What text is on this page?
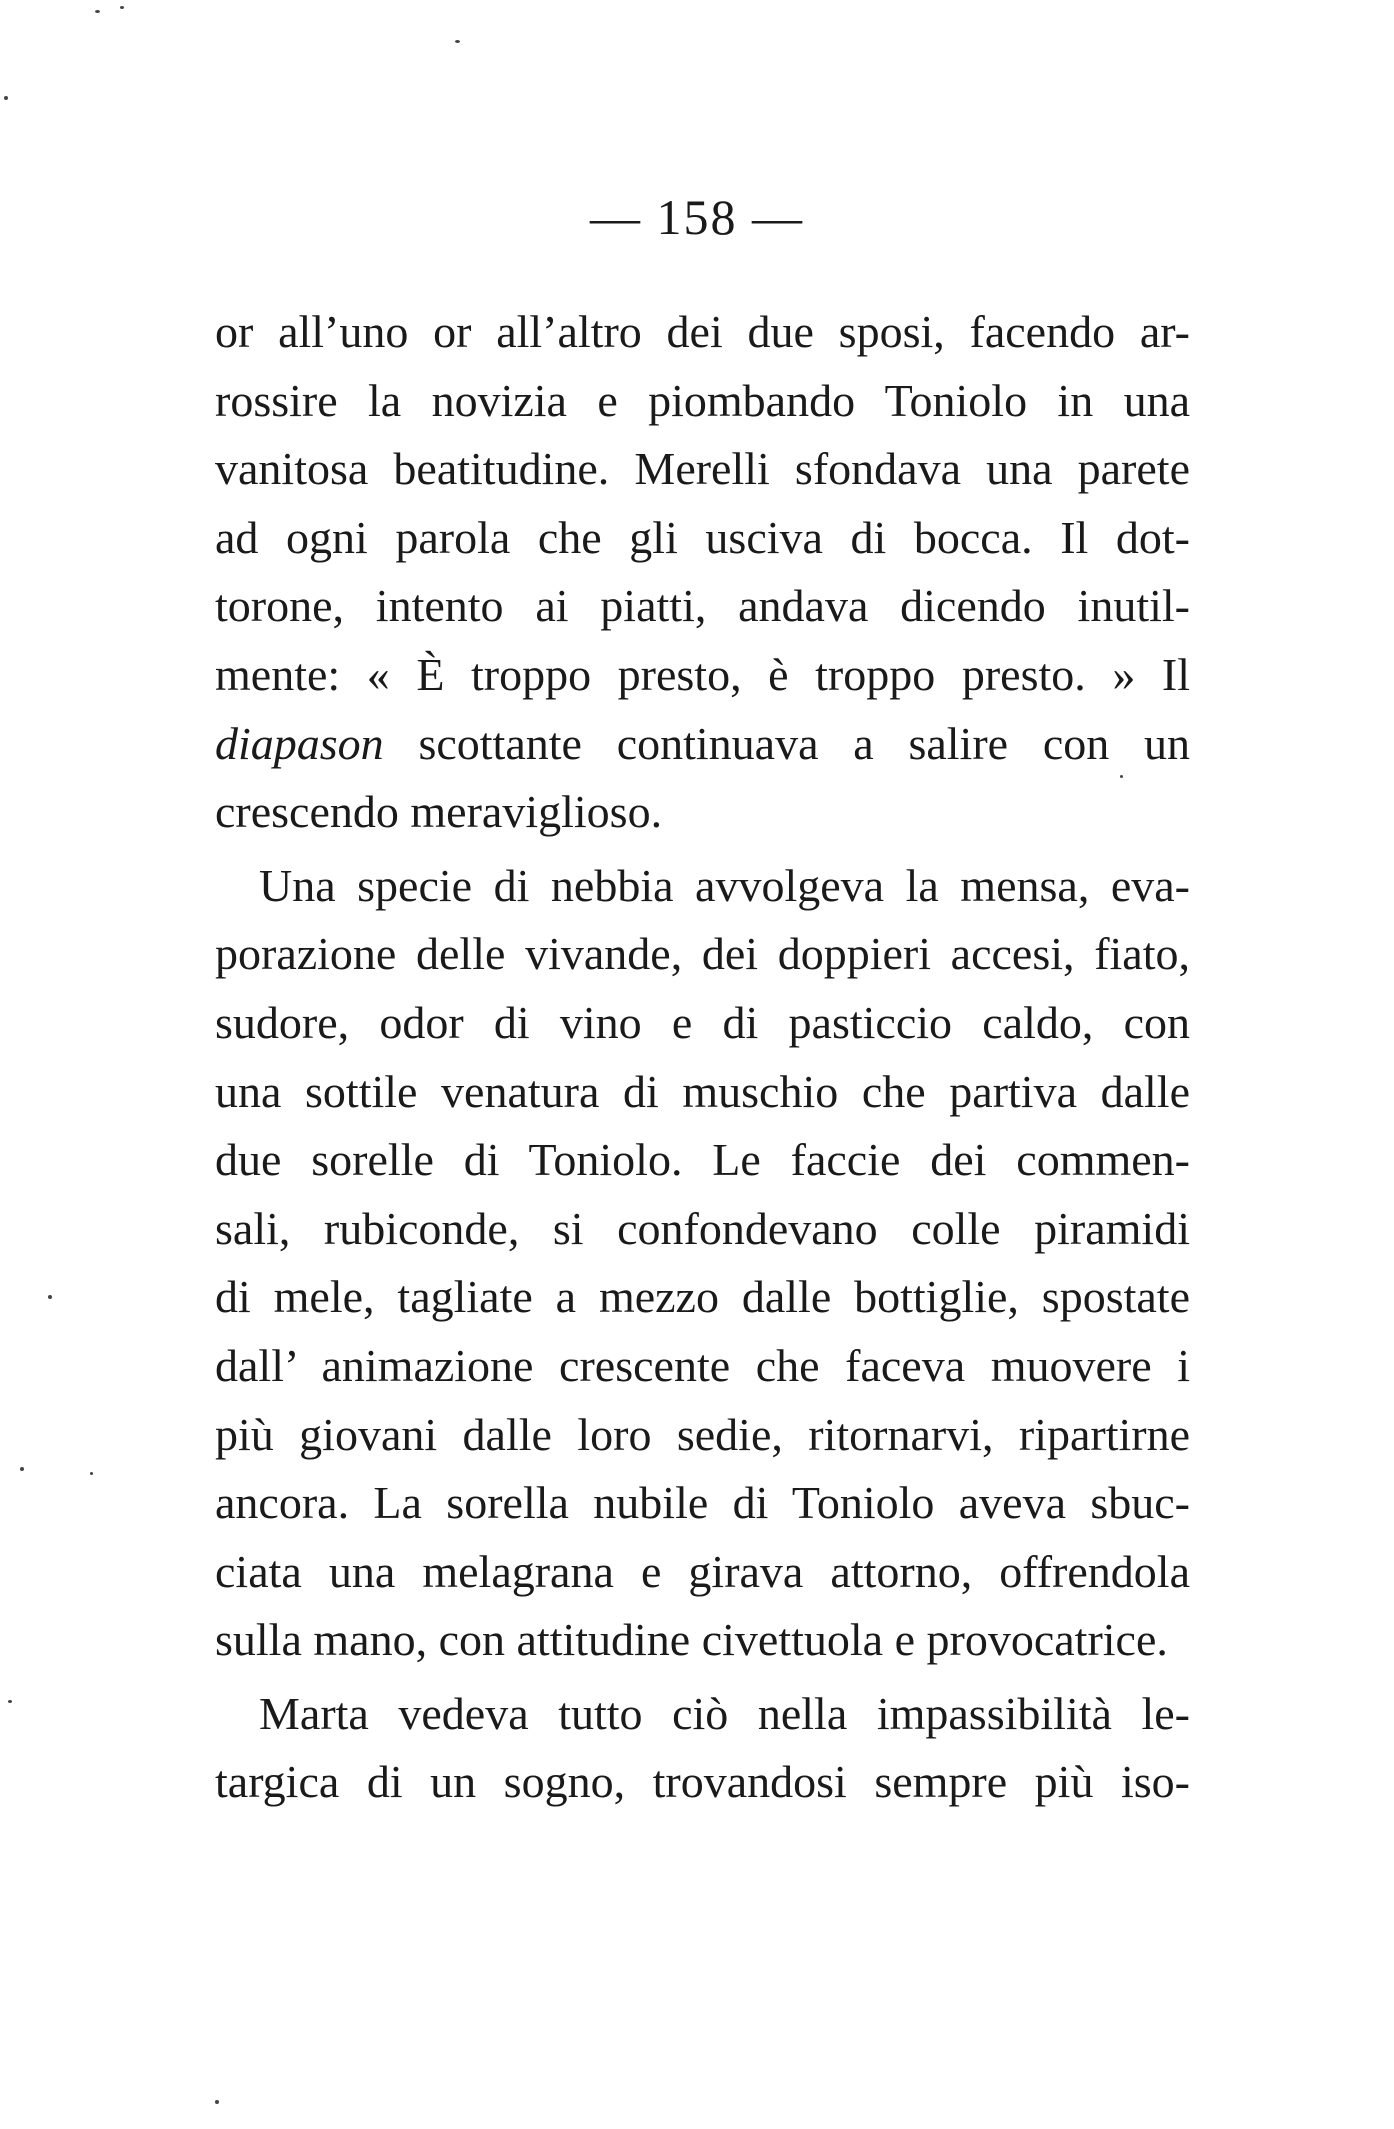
— 158 —
or all’uno or all’altro dei due sposi, facendo ar-
rossire la novizia e piombando Toniolo in una
vanitosa beatitudine. Merelli sfondava una parete
ad ogni parola che gli usciva di bocca. Il dot-
torone, intento ai piatti, andava dicendo inutil-
mente: « È troppo presto, è troppo presto. » Il
diapason scottante continuava a salire con un
crescendo meraviglioso.
Una specie di nebbia avvolgeva la mensa, eva-
porazione delle vivande, dei doppieri accesi, fiato,
sudore, odor di vino e di pasticcio caldo, con
una sottile venatura di muschio che partiva dalle
due sorelle di Toniolo. Le faccie dei commen-
sali, rubiconde, si confondevano colle piramidi
di mele, tagliate a mezzo dalle bottiglie, spostate
dall’ animazione crescente che faceva muovere i
più giovani dalle loro sedie, ritornarvi, ripartirne
ancora. La sorella nubile di Toniolo aveva sbuc-
ciata una melagrana e girava attorno, offrendola
sulla mano, con attitudine civettuola e provocatrice.
Marta vedeva tutto ciò nella impassibilità le-
targica di un sogno, trovandosi sempre più iso-
